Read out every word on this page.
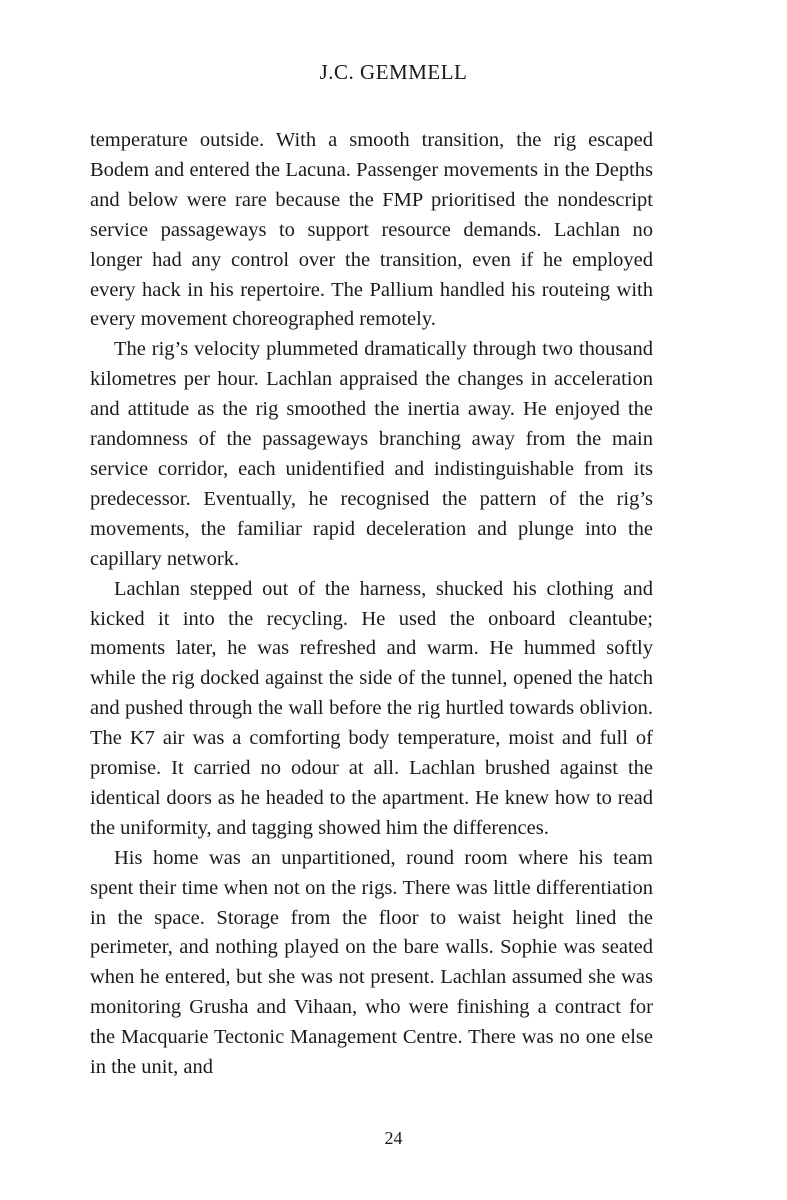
J.C. GEMMELL

temperature outside. With a smooth transition, the rig escaped Bodem and entered the Lacuna. Passenger movements in the Depths and below were rare because the FMP prioritised the nondescript service passageways to support resource demands. Lachlan no longer had any control over the transition, even if he employed every hack in his repertoire. The Pallium handled his routeing with every movement choreographed remotely.

The rig’s velocity plummeted dramatically through two thousand kilometres per hour. Lachlan appraised the changes in acceleration and attitude as the rig smoothed the inertia away. He enjoyed the randomness of the passageways branching away from the main service corridor, each unidentified and indistinguishable from its predecessor. Eventually, he recognised the pattern of the rig’s movements, the familiar rapid deceleration and plunge into the capillary network.

Lachlan stepped out of the harness, shucked his clothing and kicked it into the recycling. He used the onboard cleantube; moments later, he was refreshed and warm. He hummed softly while the rig docked against the side of the tunnel, opened the hatch and pushed through the wall before the rig hurtled towards oblivion. The K7 air was a comforting body temperature, moist and full of promise. It carried no odour at all. Lachlan brushed against the identical doors as he headed to the apartment. He knew how to read the uniformity, and tagging showed him the differences.

His home was an unpartitioned, round room where his team spent their time when not on the rigs. There was little differentiation in the space. Storage from the floor to waist height lined the perimeter, and nothing played on the bare walls. Sophie was seated when he entered, but she was not present. Lachlan assumed she was monitoring Grusha and Vihaan, who were finishing a contract for the Macquarie Tectonic Management Centre. There was no one else in the unit, and

24
